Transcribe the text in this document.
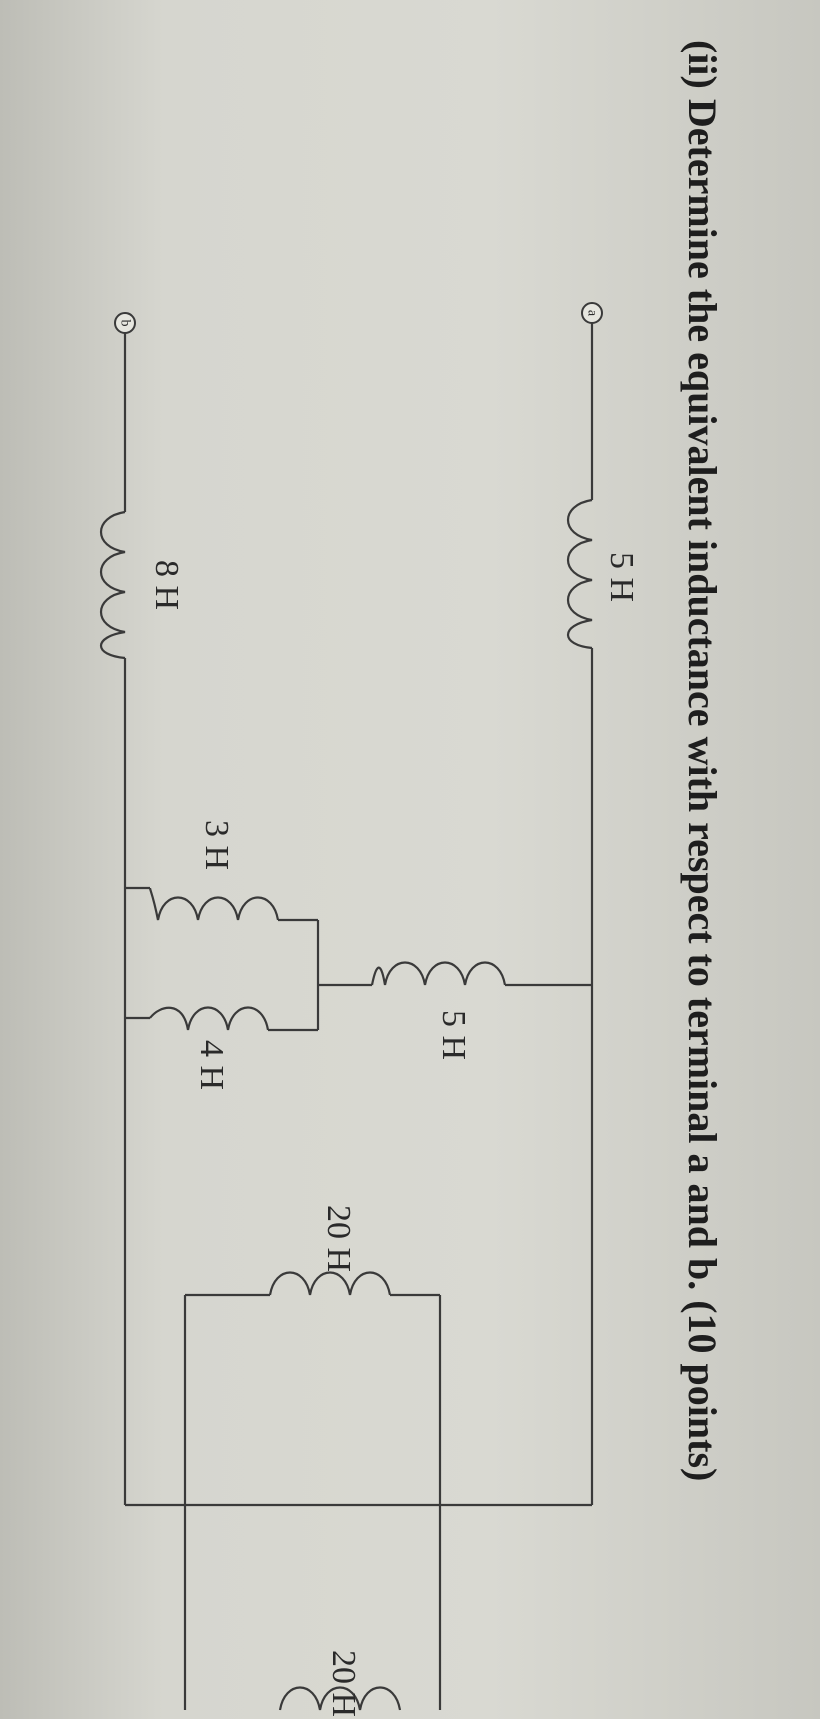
a
b	(ii) Determine the equivalent inductance with respect to terminal a and b. (10 points)
5 H
8 H
5 H
3 H
4 H
20 H
20 H
